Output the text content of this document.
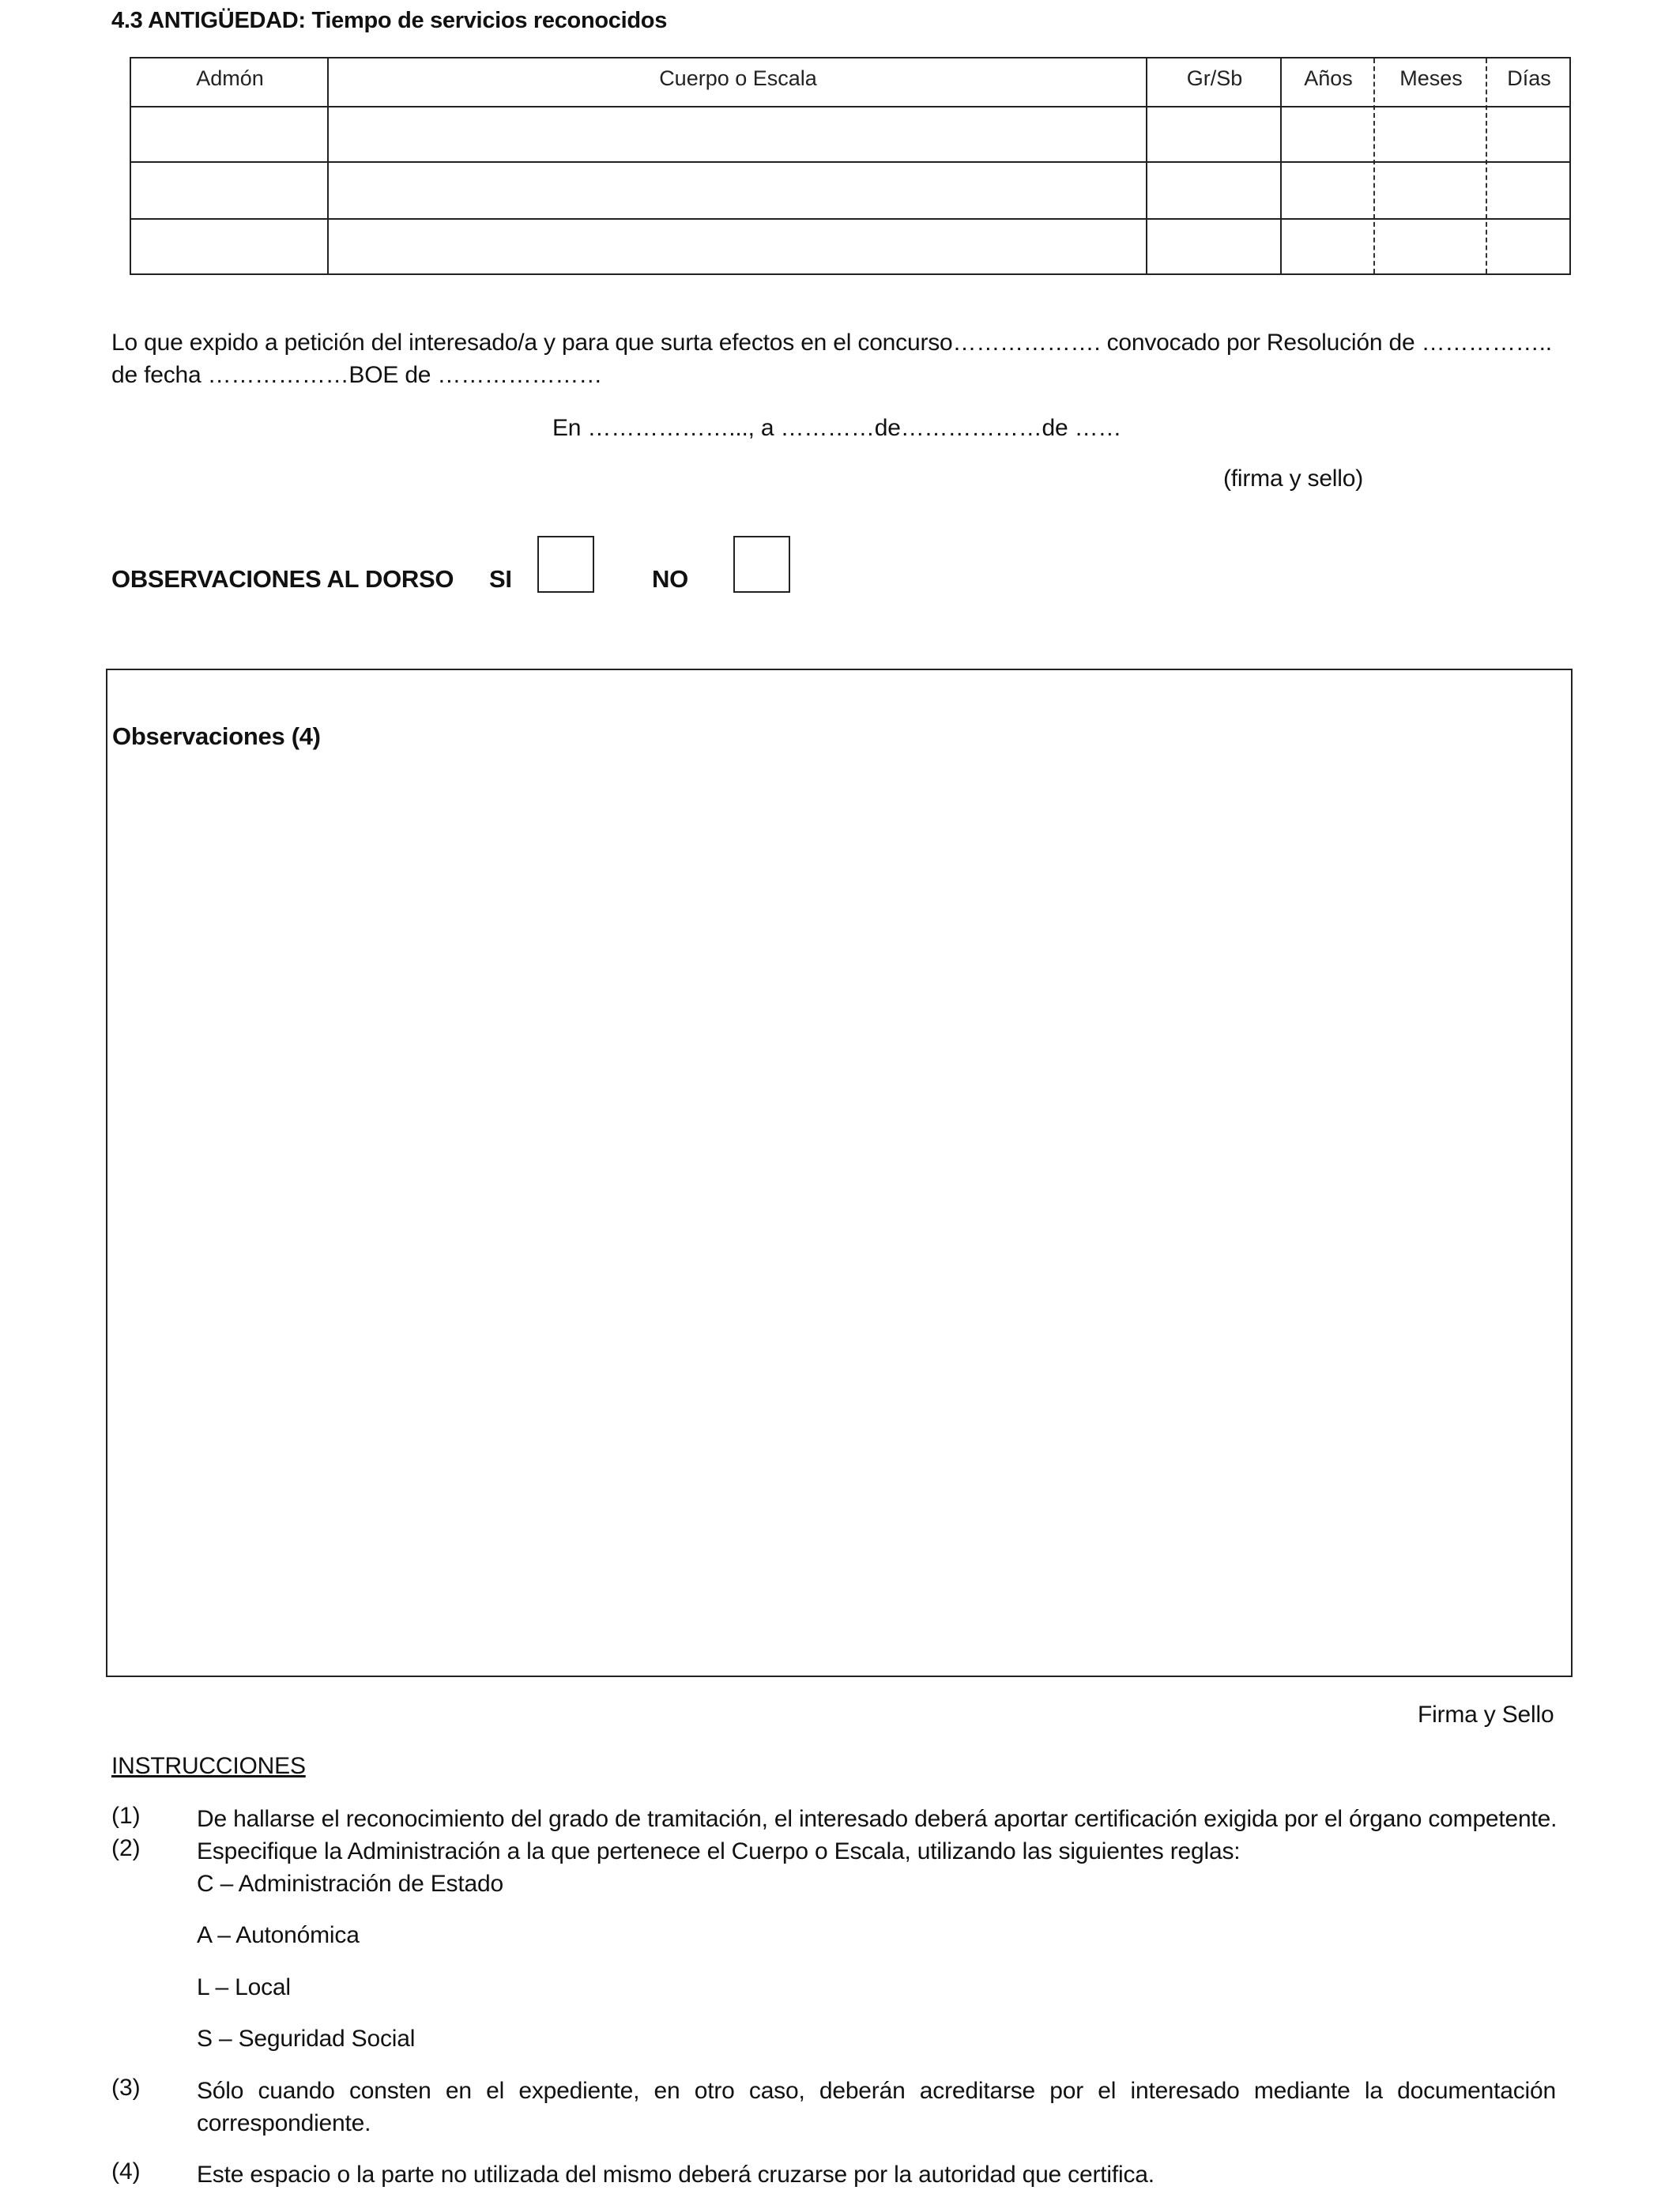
4.3 ANTIGÜEDAD: Tiempo de servicios reconocidos
Admón	Cuerpo o Escala	Gr/Sb	Años	Meses	Días
Lo que expido a petición del interesado/a y para que surta efectos en el concurso………………. convocado por Resolución de ……………..
de fecha ………………BOE de …………………
En ………………..., a …………de………………de ……
(firma y sello)
OBSERVACIONES AL DORSO SI	NO
Observaciones (4)
Firma y Sello
INSTRUCCIONES
(1) De hallarse el reconocimiento del grado de tramitación, el interesado deberá aportar certificación exigida por el órgano competente.
(2) Especifique la Administración a la que pertenece el Cuerpo o Escala, utilizando las siguientes reglas:
C – Administración de Estado
A – Autonómica
L – Local
S – Seguridad Social
(3) Sólo cuando consten en el expediente, en otro caso, deberán acreditarse por el interesado mediante la documentación correspondiente.
(4) Este espacio o la parte no utilizada del mismo deberá cruzarse por la autoridad que certifica.
